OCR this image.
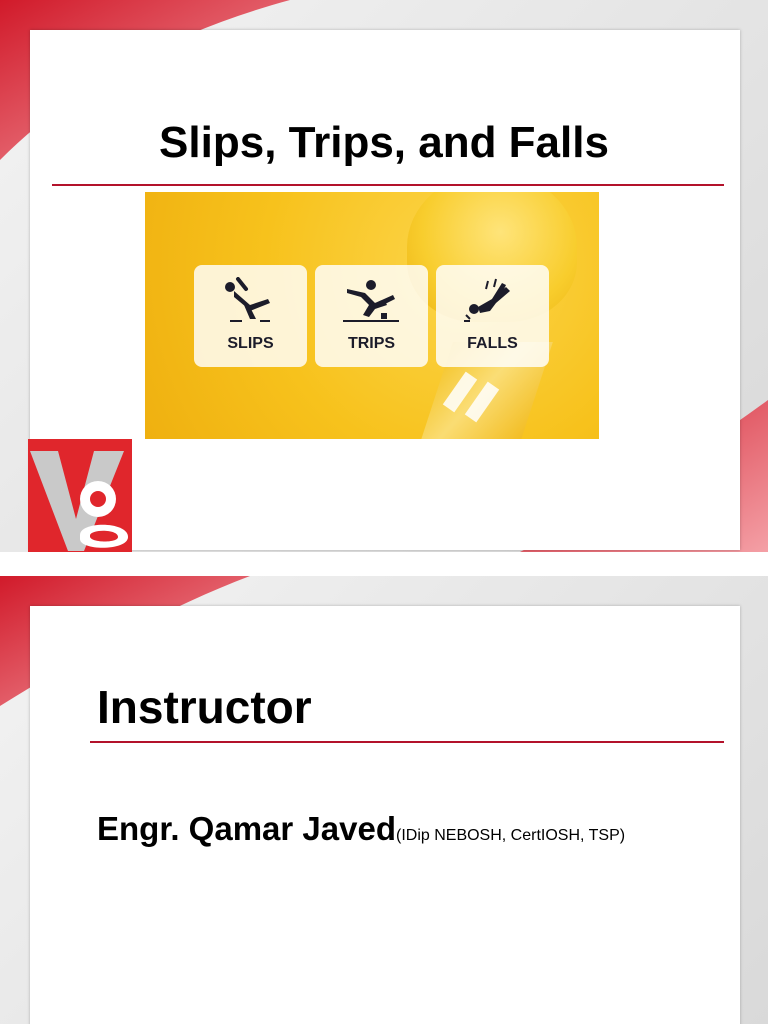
Slips, Trips, and Falls
SLIPS	TRIPS	FALLS
Instructor
Engr. Qamar Javed(IDip NEBOSH, CertIOSH, TSP)
